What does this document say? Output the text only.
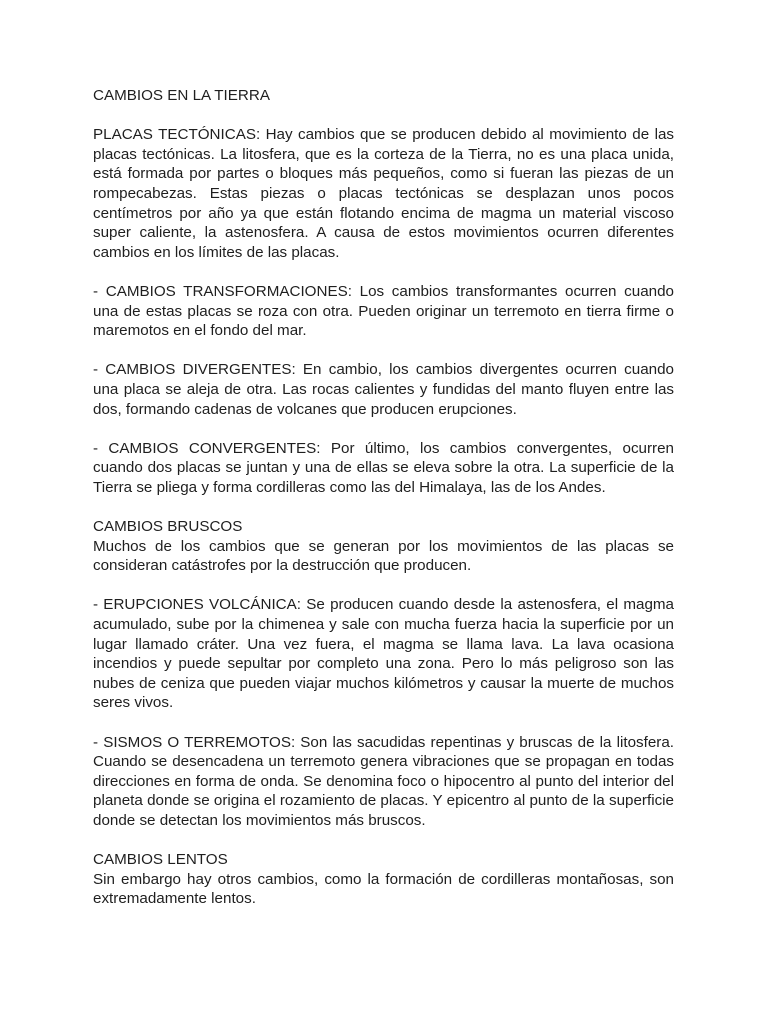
CAMBIOS EN LA TIERRA

PLACAS TECTÓNICAS: Hay cambios que se producen debido al movimiento de las placas tectónicas. La litosfera, que es la corteza de la Tierra, no es una placa unida, está formada por partes o bloques más pequeños, como si fueran las piezas de un rompecabezas. Estas piezas o placas tectónicas se desplazan unos pocos centímetros por año ya que están flotando encima de magma un material viscoso super caliente, la astenosfera. A causa de estos movimientos ocurren diferentes cambios en los límites de las placas.

- CAMBIOS TRANSFORMACIONES: Los cambios transformantes ocurren cuando una de estas placas se roza con otra. Pueden originar un terremoto en tierra firme o maremotos en el fondo del mar.

- CAMBIOS DIVERGENTES: En cambio, los cambios divergentes ocurren cuando una placa se aleja de otra. Las rocas calientes y fundidas del manto fluyen entre las dos, formando cadenas de volcanes que producen erupciones.

- CAMBIOS CONVERGENTES: Por último, los cambios convergentes, ocurren cuando dos placas se juntan y una de ellas se eleva sobre la otra. La superficie de la Tierra se pliega y forma cordilleras como las del Himalaya, las de los Andes.

CAMBIOS BRUSCOS

Muchos de los cambios que se generan por los movimientos de las placas se consideran catástrofes por la destrucción que producen.

- ERUPCIONES VOLCÁNICA: Se producen cuando desde la astenosfera, el magma acumulado, sube por la chimenea y sale con mucha fuerza hacia la superficie por un lugar llamado cráter. Una vez fuera, el magma se llama lava. La lava ocasiona incendios y puede sepultar por completo una zona. Pero lo más peligroso son las nubes de ceniza que pueden viajar muchos kilómetros y causar la muerte de muchos seres vivos.

- SISMOS O TERREMOTOS: Son las sacudidas repentinas y bruscas de la litosfera. Cuando se desencadena un terremoto genera vibraciones que se propagan en todas direcciones en forma de onda. Se denomina foco o hipocentro al punto del interior del planeta donde se origina el rozamiento de placas. Y epicentro al punto de la superficie donde se detectan los movimientos más bruscos.

CAMBIOS LENTOS

Sin embargo hay otros cambios, como la formación de cordilleras montañosas, son extremadamente lentos.
